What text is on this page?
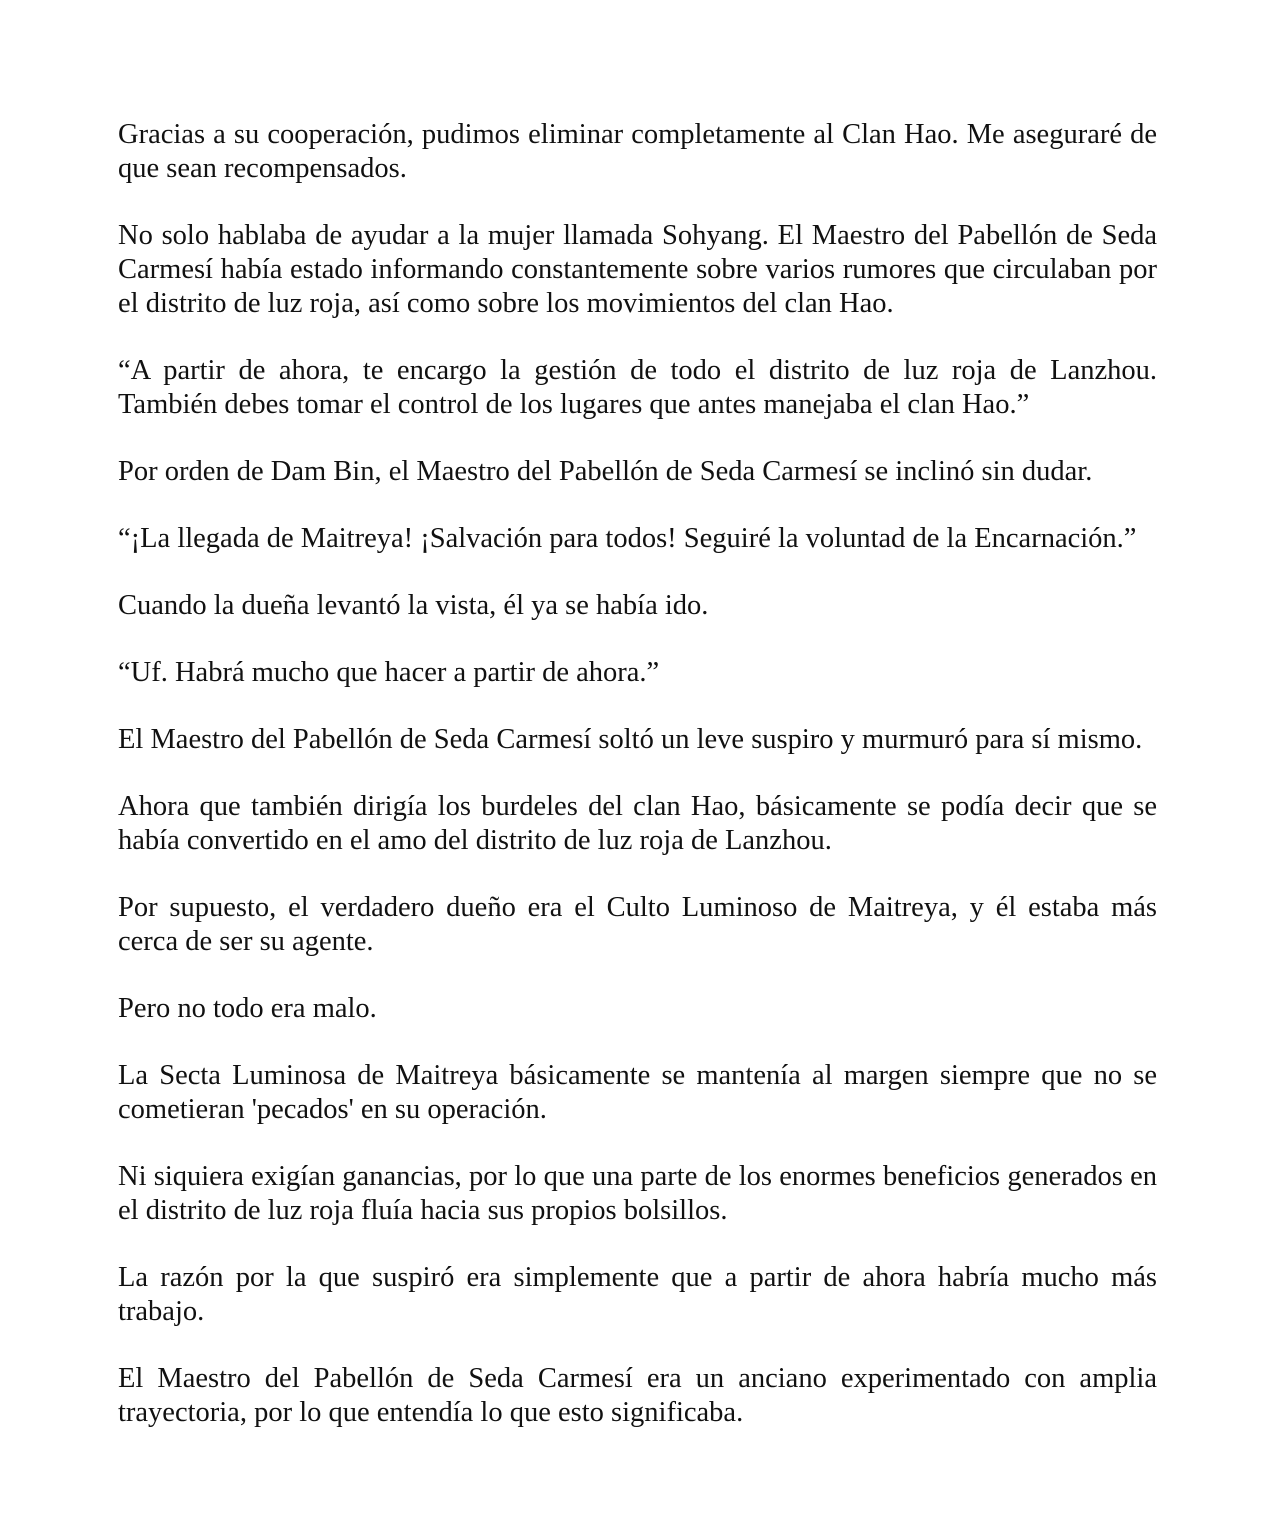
Gracias a su cooperación, pudimos eliminar completamente al Clan Hao. Me aseguraré de que sean recompensados.

No solo hablaba de ayudar a la mujer llamada Sohyang. El Maestro del Pabellón de Seda Carmesí había estado informando constantemente sobre varios rumores que circulaban por el distrito de luz roja, así como sobre los movimientos del clan Hao.

“A partir de ahora, te encargo la gestión de todo el distrito de luz roja de Lanzhou. También debes tomar el control de los lugares que antes manejaba el clan Hao.”

Por orden de Dam Bin, el Maestro del Pabellón de Seda Carmesí se inclinó sin dudar.

“¡La llegada de Maitreya! ¡Salvación para todos! Seguiré la voluntad de la Encarnación.”

Cuando la dueña levantó la vista, él ya se había ido.

“Uf. Habrá mucho que hacer a partir de ahora.”

El Maestro del Pabellón de Seda Carmesí soltó un leve suspiro y murmuró para sí mismo.

Ahora que también dirigía los burdeles del clan Hao, básicamente se podía decir que se había convertido en el amo del distrito de luz roja de Lanzhou.

Por supuesto, el verdadero dueño era el Culto Luminoso de Maitreya, y él estaba más cerca de ser su agente.

Pero no todo era malo.

La Secta Luminosa de Maitreya básicamente se mantenía al margen siempre que no se cometieran 'pecados' en su operación.

Ni siquiera exigían ganancias, por lo que una parte de los enormes beneficios generados en el distrito de luz roja fluía hacia sus propios bolsillos.

La razón por la que suspiró era simplemente que a partir de ahora habría mucho más trabajo.

El Maestro del Pabellón de Seda Carmesí era un anciano experimentado con amplia trayectoria, por lo que entendía lo que esto significaba.
